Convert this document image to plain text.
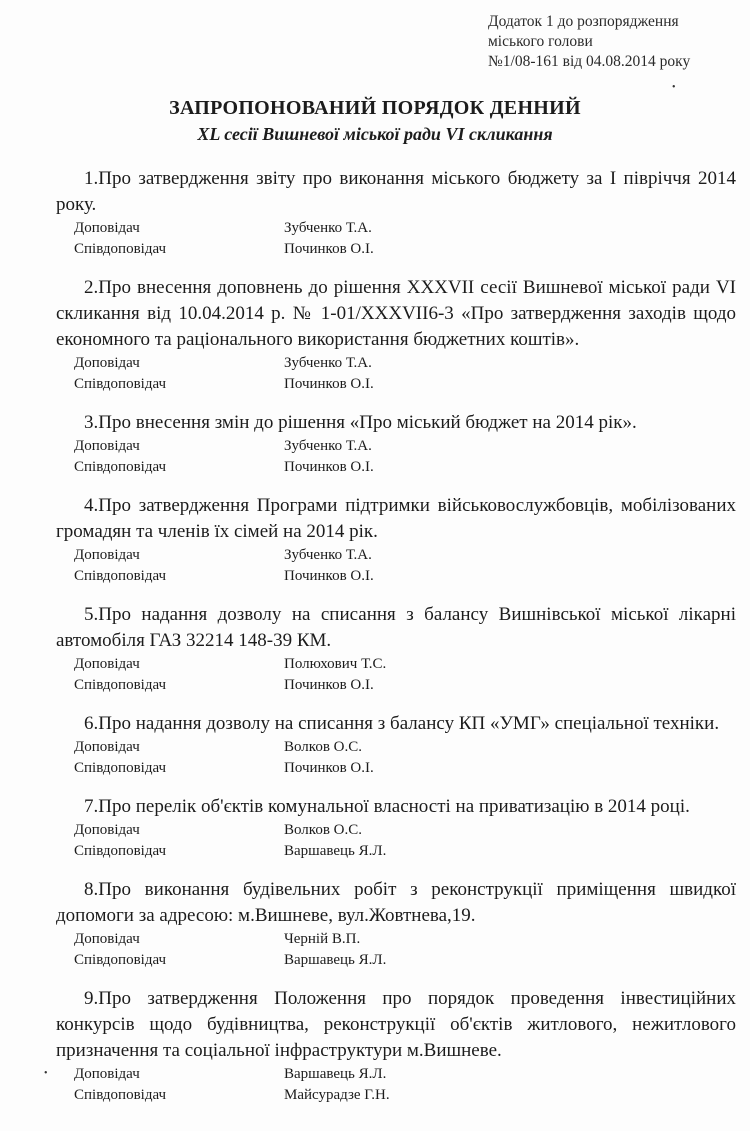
Додаток 1 до розпорядження
міського голови
№1/08-161 від 04.08.2014 року
ЗАПРОПОНОВАНИЙ ПОРЯДОК ДЕННИЙ
XL сесії Вишневої міської ради VI скликання
1.Про затвердження звіту про виконання міського бюджету за І півріччя 2014 року.
Доповідач	Зубченко Т.А.
Співдоповідач	Починков О.І.
2.Про внесення доповнень до рішення XXXVII сесії Вишневої міської ради VI скликання від 10.04.2014 р. № 1-01/XXXVII6-3 «Про затвердження заходів щодо економного та раціонального використання бюджетних коштів».
Доповідач	Зубченко Т.А.
Співдоповідач	Починков О.І.
3.Про внесення змін до рішення «Про міський бюджет на 2014 рік».
Доповідач	Зубченко Т.А.
Співдоповідач	Починков О.І.
4.Про затвердження Програми підтримки військовослужбовців, мобілізованих громадян та членів їх сімей на 2014 рік.
Доповідач	Зубченко Т.А.
Співдоповідач	Починков О.І.
5.Про надання дозволу на списання з балансу Вишнівської міської лікарні автомобіля ГАЗ 32214 148-39 КМ.
Доповідач	Полюхович Т.С.
Співдоповідач	Починков О.І.
6.Про надання дозволу на списання з балансу КП «УМГ» спеціальної техніки.
Доповідач	Волков О.С.
Співдоповідач	Починков О.І.
7.Про перелік об'єктів комунальної власності на приватизацію в 2014 році.
Доповідач	Волков О.С.
Співдоповідач	Варшавець Я.Л.
8.Про виконання будівельних робіт з реконструкції приміщення швидкої допомоги за адресою: м.Вишневе, вул.Жовтнева,19.
Доповідач	Черній В.П.
Співдоповідач	Варшавець Я.Л.
9.Про затвердження Положення про порядок проведення інвестиційних конкурсів щодо будівництва, реконструкції об'єктів житлового, нежитлового призначення та соціальної інфраструктури м.Вишневе.
Доповідач	Варшавець Я.Л.
Співдоповідач	Майсурадзе Г.Н.
•
•
